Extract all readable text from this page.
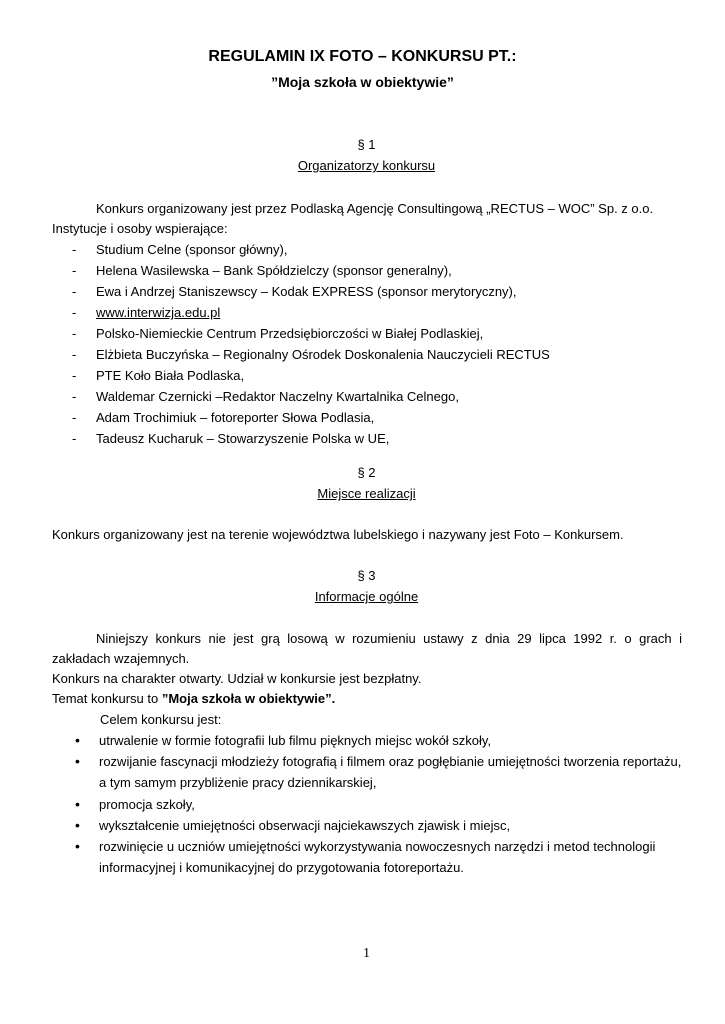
REGULAMIN IX FOTO – KONKURSU PT.:
”Moja szkoła w obiektywie”
§ 1
Organizatorzy konkursu
Konkurs organizowany jest przez Podlaską Agencję Consultingową „RECTUS – WOC” Sp. z o.o.
Instytucje i osoby wspierające:
- Studium Celne (sponsor główny),
- Helena Wasilewska – Bank Spółdzielczy (sponsor generalny),
- Ewa i Andrzej Staniszewscy – Kodak EXPRESS (sponsor merytoryczny),
- www.interwizja.edu.pl
- Polsko-Niemieckie Centrum Przedsiębiorczości w Białej Podlaskiej,
- Elżbieta Buczyńska – Regionalny Ośrodek Doskonalenia Nauczycieli RECTUS
- PTE Koło Biała Podlaska,
- Waldemar Czernicki –Redaktor Naczelny Kwartalnika Celnego,
- Adam Trochimiuk – fotoreporter Słowa Podlasia,
- Tadeusz Kucharuk – Stowarzyszenie Polska w UE,
§ 2
Miejsce realizacji
Konkurs organizowany jest na terenie województwa lubelskiego i nazywany jest Foto – Konkursem.
§ 3
Informacje ogólne
Niniejszy konkurs nie jest grą losową w rozumieniu ustawy z dnia 29 lipca 1992 r. o grach i
zakładach wzajemnych.
Konkurs na charakter otwarty. Udział w konkursie jest bezpłatny.
Temat konkursu to ”Moja szkoła w obiektywie”.
Celem konkursu jest:
• utrwalenie w formie fotografii lub filmu pięknych miejsc wokół szkoły,
• rozwijanie fascynacji młodzieży fotografią i filmem oraz pogłębianie umiejętności tworzenia reportażu, a tym samym przybliżenie pracy dziennikarskiej,
• promocja szkoły,
• wykształcenie umiejętności obserwacji najciekawszych zjawisk i miejsc,
• rozwinięcie u uczniów umiejętności wykorzystywania nowoczesnych narzędzi i metod technologii informacyjnej i komunikacyjnej do przygotowania fotoreportażu.
1
